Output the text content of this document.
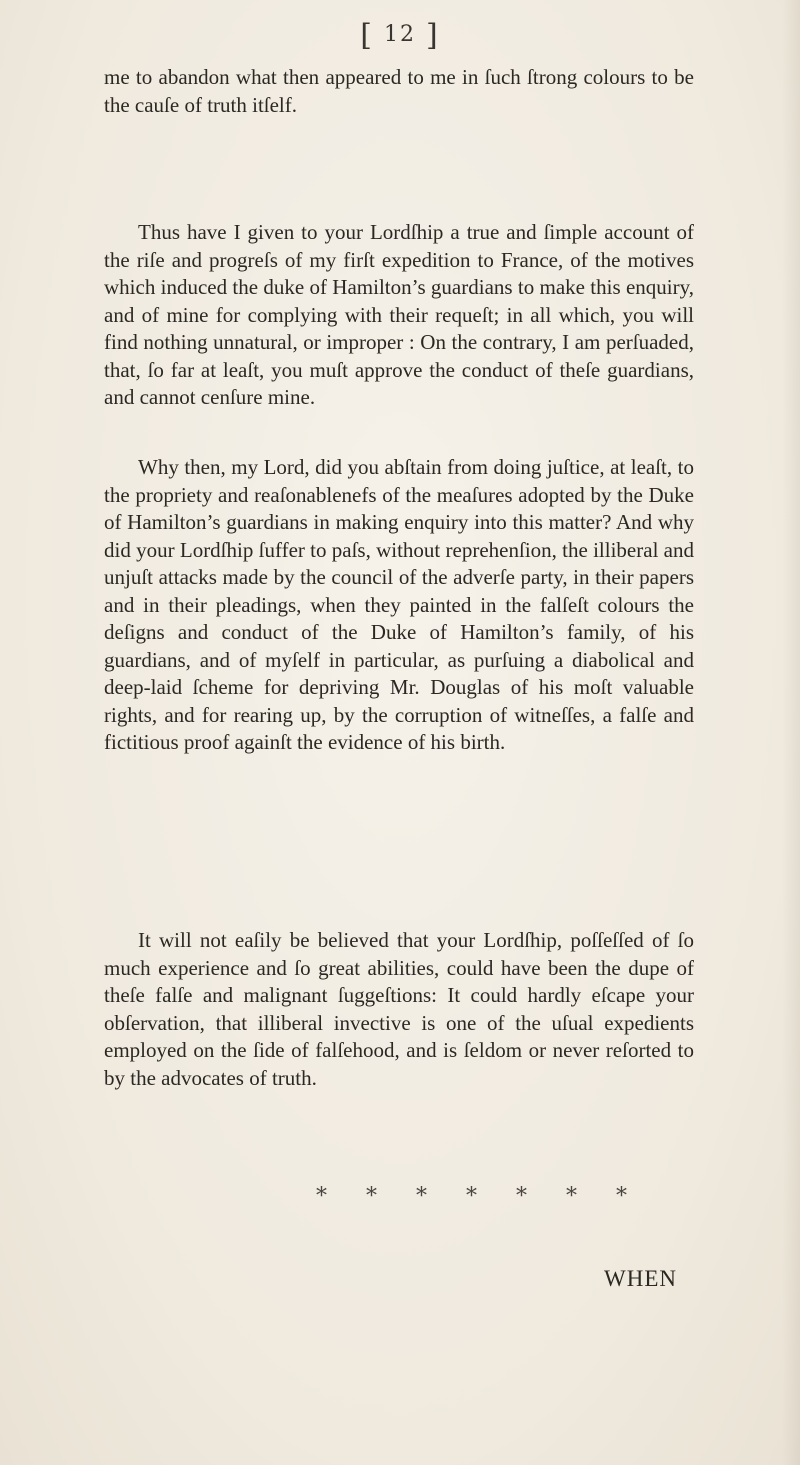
[ 12 ]

me to abandon what then appeared to me in ſuch ſtrong colours to be the cauſe of truth itſelf.

Thus have I given to your Lordſhip a true and ſimple account of the riſe and progreſs of my firſt expedition to France, of the motives which induced the duke of Hamilton’s guardians to make this enquiry, and of mine for complying with their requeſt; in all which, you will find nothing unnatural, or improper : On the contrary, I am perſuaded, that, ſo far at leaſt, you muſt approve the conduct of theſe guardians, and cannot cenſure mine.

Why then, my Lord, did you abſtain from doing juſtice, at leaſt, to the propriety and reaſonablenefs of the meaſures adopted by the Duke of Hamilton’s guardians in making enquiry into this matter? And why did your Lordſhip ſuffer to paſs, without reprehenſion, the illiberal and unjuſt attacks made by the council of the adverſe party, in their papers and in their pleadings, when they painted in the falſeſt colours the deſigns and conduct of the Duke of Hamilton’s family, of his guardians, and of myſelf in particular, as purſuing a diabolical and deep-laid ſcheme for depriving Mr. Douglas of his moſt valuable rights, and for rearing up, by the corruption of witneſſes, a falſe and fictitious proof againſt the evidence of his birth.

It will not eaſily be believed that your Lordſhip, poſſeſſed of ſo much experience and ſo great abilities, could have been the dupe of theſe falſe and malignant ſuggeſtions: It could hardly eſcape your obſervation, that illiberal invective is one of the uſual expedients employed on the ſide of falſehood, and is ſeldom or never reſorted to by the advocates of truth.

* * * * * * *
WHEN
